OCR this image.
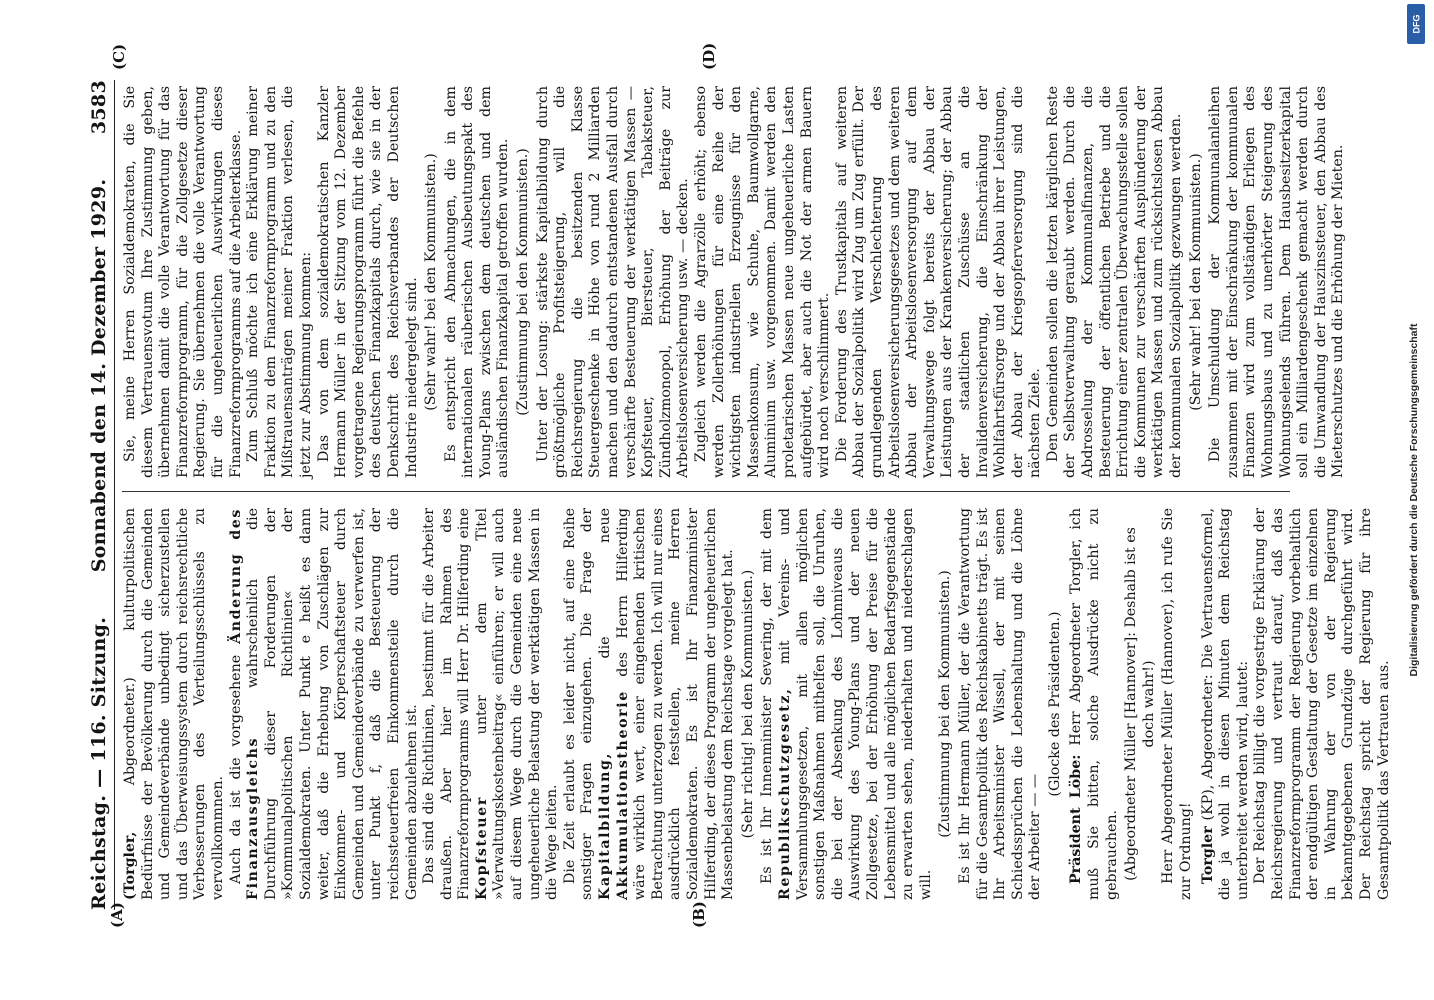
Reichstag. — 116. Sitzung.
Sonnabend den 14. Dezember 1929.
3583
(A)	(B)
(C)	(D)

(Torgler, Abgeordneter.) kulturpolitischen Bedürfnisse der Bevölkerung durch die Gemeinden und Gemeindeverbände unbedingt sicherzustellen und das Überweisungssystem durch reichsrechtliche Verbesserungen des Verteilungsschlüssels zu vervollkommnen. Auch da ist die vorgesehene Änderung des Finanzausgleichs wahrscheinlich die Durchführung dieser Forderungen der »Kommunalpolitischen Richtlinien« der Sozialdemokraten. Unter Punkt e heißt es dann weiter, daß die Erhebung von Zuschlägen zur Einkommen- und Körperschaftsteuer durch Gemeinden und Gemeindeverbände zu verwerfen ist, unter Punkt f, daß die Besteuerung der reichssteuerfreien Einkommensteile durch die Gemeinden abzulehnen ist. Das sind die Richtlinien, bestimmt für die Arbeiter draußen. Aber hier im Rahmen des Finanzreformprogramms will Herr Dr. Hilferding eine Kopfsteuer unter dem Titel »Verwaltungskostenbeitrag« einführen; er will auch auf diesem Wege durch die Gemeinden eine neue ungeheuerliche Belastung der werktätigen Massen in die Wege leiten. Die Zeit erlaubt es leider nicht, auf eine Reihe sonstiger Fragen einzugehen. Die Frage der Kapitalbildung, die neue Akkumulationstheorie des Herrn Hilferding wäre wirklich wert, einer eingehenden kritischen Betrachtung unterzogen zu werden. Ich will nur eines ausdrücklich feststellen, meine Herren Sozialdemokraten. Es ist Ihr Finanzminister Hilferding, der dieses Programm der ungeheuerlichen Massenbelastung dem Reichstage vorgelegt hat. (Sehr richtig! bei den Kommunisten.) Es ist Ihr Innenminister Severing, der mit dem Republikschutzgesetz, mit Vereins- und Versammlungsgesetzen, mit allen möglichen sonstigen Maßnahmen mithelfen soll, die Unruhen, die bei der Absenkung des Lohnniveaus die Auswirkung des Young-Plans und der neuen Zollgesetze, bei der Erhöhung der Preise für die Lebensmittel und alle möglichen Bedarfsgegenstände zu erwarten sehen, niederhalten und niederschlagen will.

(Zustimmung bei den Kommunisten.) Es ist Ihr Hermann Müller, der die Verantwortung für die Gesamtpolitik des Reichskabinetts trägt. Es ist Ihr Arbeitsminister Wissell, der mit seinen Schiedssprüchen die Lebenshaltung und die Löhne der Arbeiter — —

(Glocke des Präsidenten.)

Präsident Löbe: Herr Abgeordneter Torgler, ich muß Sie bitten, solche Ausdrücke nicht zu gebrauchen. (Abgeordneter Müller [Hannover]: Deshalb ist es doch wahr!) Herr Abgeordneter Müller (Hannover), ich rufe Sie zur Ordnung! Torgler (KP), Abgeordneter: Die Vertrauensformel, die ja wohl in diesen Minuten dem Reichstag unterbreitet werden wird, lautet: Der Reichstag billigt die vorgestrige Erklärung der Reichsregierung und vertraut darauf, daß das Finanzreformprogramm der Regierung vorbehaltlich der endgültigen Gestaltung der Gesetze im einzelnen in Wahrung der von der Regierung bekanntgegebenen Grundzüge durchgeführt wird. Der Reichstag spricht der Regierung für ihre Gesamtpolitik das Vertrauen aus.

Sie, meine Herren Sozialdemokraten, die Sie diesem Vertrauensvotum Ihre Zustimmung geben, übernehmen damit die volle Verantwortung für das Finanzreformprogramm, für die Zollgesetze dieser Regierung. Sie übernehmen die volle Verantwortung für die ungeheuerlichen Auswirkungen dieses Finanzreformprogramms auf die Arbeiterklasse. Zum Schluß möchte ich eine Erklärung meiner Fraktion zu dem Finanzreformprogramm und zu den Mißtrauensanträgen meiner Fraktion verlesen, die jetzt zur Abstimmung kommen: Das von dem sozialdemokratischen Kanzler Hermann Müller in der Sitzung vom 12. Dezember vorgetragene Regierungsprogramm führt die Befehle des deutschen Finanzkapitals durch, wie sie in der Denkschrift des Reichsverbandes der Deutschen Industrie niedergelegt sind. (Sehr wahr! bei den Kommunisten.) Es entspricht den Abmachungen, die in dem internationalen räuberischen Ausbeutungspakt des Young-Plans zwischen dem deutschen und dem ausländischen Finanzkapital getroffen wurden. (Zustimmung bei den Kommunisten.) Unter der Losung: stärkste Kapitalbildung durch größtmögliche Profitsteigerung, will die Reichsregierung die besitzenden Klasse Steuergeschenke in Höhe von rund 2 Milliarden machen und den dadurch entstandenen Ausfall durch verschärfte Besteuerung der werktätigen Massen — Kopfsteuer, Biersteuer, Tabaksteuer, Zündholzmonopol, Erhöhung der Beiträge zur Arbeitslosenversicherung usw. — decken. Zugleich werden die Agrarzölle erhöht; ebenso werden Zollerhöhungen für eine Reihe der wichtigsten industriellen Erzeugnisse für den Massenkonsum, wie Schuhe, Baumwollgarne, Aluminium usw. vorgenommen. Damit werden den proletarischen Massen neue ungeheuerliche Lasten aufgebürdet, aber auch die Not der armen Bauern wird noch verschlimmert. Die Forderung des Trustkapitals auf weiteren Abbau der Sozialpolitik wird Zug um Zug erfüllt. Der grundlegenden Verschlechterung des Arbeitslosenversicherungsgesetzes und dem weiteren Abbau der Arbeitslosenversorgung auf dem Verwaltungswege folgt bereits der Abbau der Leistungen aus der Krankenversicherung; der Abbau der staatlichen Zuschüsse an die Invalidenversicherung, die Einschränkung der Wohlfahrtsfürsorge und der Abbau ihrer Leistungen, der Abbau der Kriegsopferversorgung sind die nächsten Ziele. Den Gemeinden sollen die letzten kärglichen Reste der Selbstverwaltung geraubt werden. Durch die Abdrosselung der Kommunalfinanzen, die Besteuerung der öffentlichen Betriebe und die Errichtung einer zentralen Überwachungsstelle sollen die Kommunen zur verschärften Ausplünderung der werktätigen Massen und zum rücksichtslosen Abbau der kommunalen Sozialpolitik gezwungen werden. (Sehr wahr! bei den Kommunisten.) Die Umschuldung der Kommunalanleihen zusammen mit der Einschränkung der kommunalen Finanzen wird zum vollständigen Erliegen des Wohnungsbaus und zu unerhörter Steigerung des Wohnungselends führen. Dem Hausbesitzerkapital soll ein Milliardengeschenk gemacht werden durch die Umwandlung der Hauszinssteuer, den Abbau des Mieterschutzes und die Erhöhung der Mieten.

DFG
Digitalisierung gefördert durch die Deutsche Forschungsgemeinschaft
